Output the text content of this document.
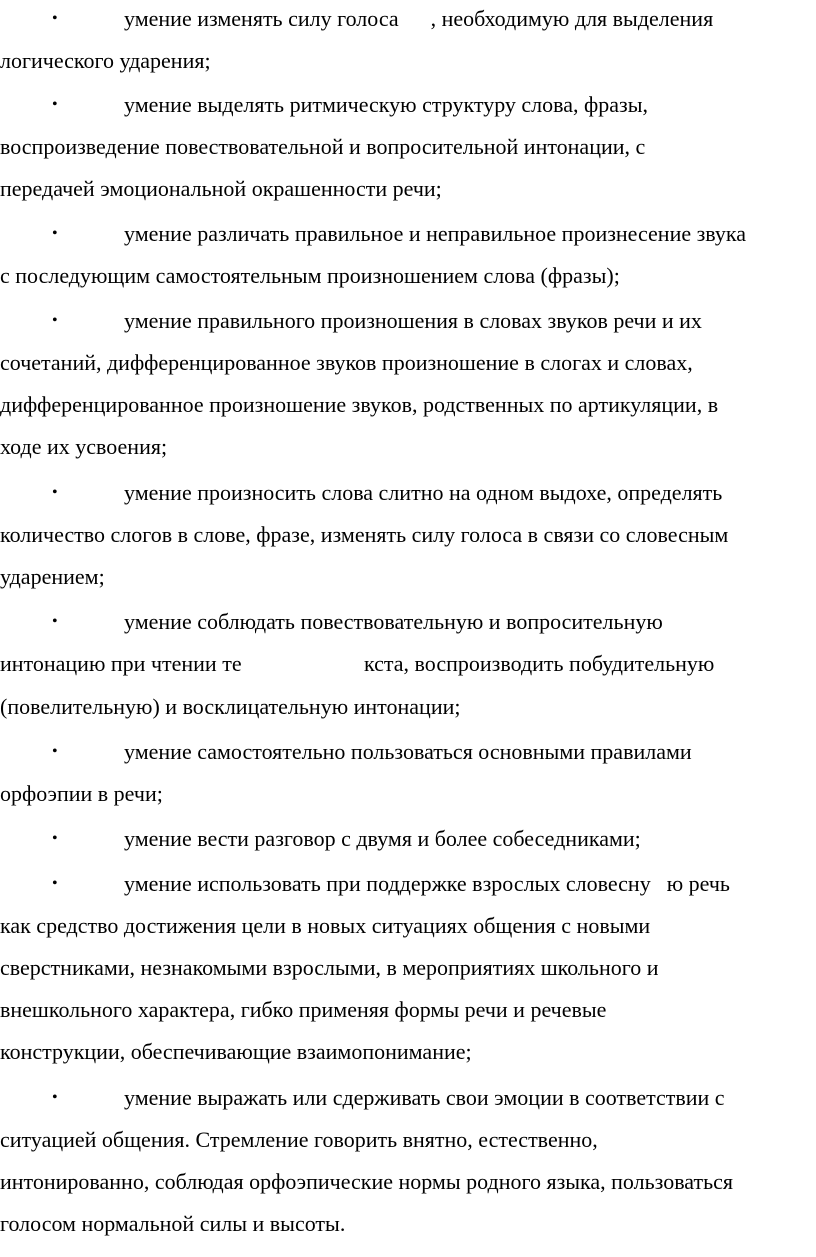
•	умение изменять силу голоса , необходимую для выделения
логического ударения;
•	умение выделять ритмическую структуру слова, фразы,
воспроизведение повествовательной и вопросительной интонации, с
передачей эмоциональной окрашенности речи;
•	умение различать правильное и неправильное произнесение звука
с последующим самостоятельным произношением слова (фразы);
•	умение правильного произношения в словах звуков речи и их
сочетаний, дифференцированное звуков произношение в слогах и словах,
дифференцированное произношение звуков, родственных по артикуляции, в
ходе их усвоения;
•	умение произносить слова слитно на одном выдохе, определять
количество слогов в слове, фразе, изменять силу голоса в связи со словесным
ударением;
•	умение соблюдать повествовательную и вопросительную
интонацию при чтении те	кста, воспроизводить побудительную
(повелительную) и восклицательную интонации;
•	умение самостоятельно пользоваться основными правилами
орфоэпии в речи;
•	умение вести разговор с двумя и более собеседниками;
•	умение использовать при поддержке взрослых словесну ю речь
как средство достижения цели в новых ситуациях общения с новыми
сверстниками, незнакомыми взрослыми, в мероприятиях школьного и
внешкольного характера, гибко применяя формы речи и речевые
конструкции, обеспечивающие взаимопонимание;
•	умение выражать или сдерживать свои эмоции в соответствии с
ситуацией общения. Стремление говорить внятно, естественно,
интонированно, соблюдая орфоэпические нормы родного языка, пользоваться
голосом нормальной силы и высоты.
